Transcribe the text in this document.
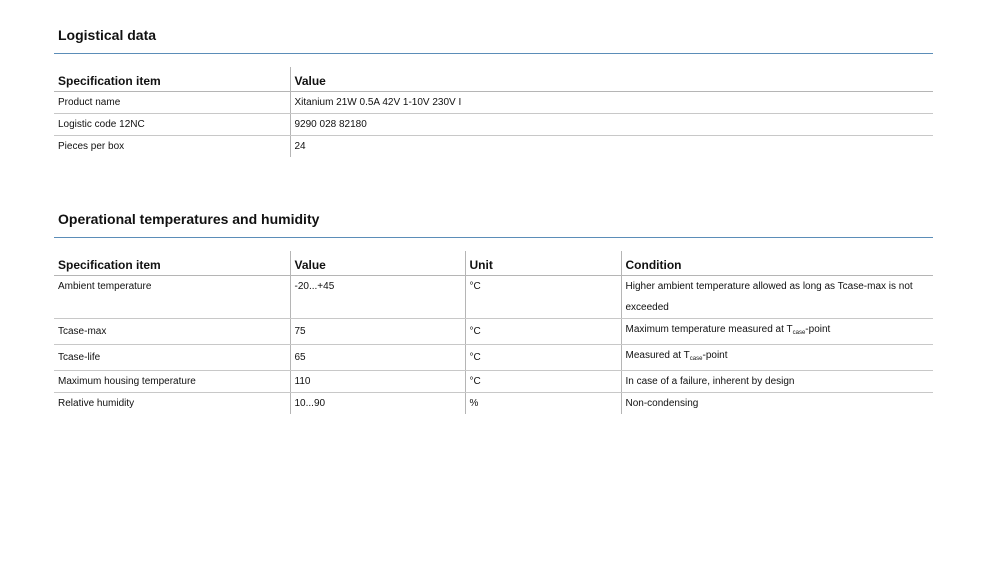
Logistical data
Specification item	Value
Product name	Xitanium 21W 0.5A 42V 1-10V 230V I
Logistic code 12NC	9290 028 82180
Pieces per box	24
Operational temperatures and humidity
Specification item	Value	Unit	Condition
Ambient temperature	-20...+45	°C	Higher ambient temperature allowed as long as Tcase-max is not exceeded
Tcase-max	75	°C	Maximum temperature measured at $T_{case}$-point
Tcase-life	65	°C	Measured at $T_{case}$-point
Maximum housing temperature	110	°C	In case of a failure, inherent by design
Relative humidity	10...90	%	Non-condensing
